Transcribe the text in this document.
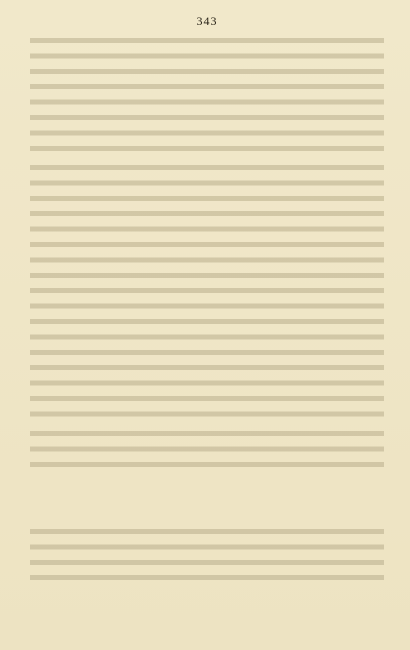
343
